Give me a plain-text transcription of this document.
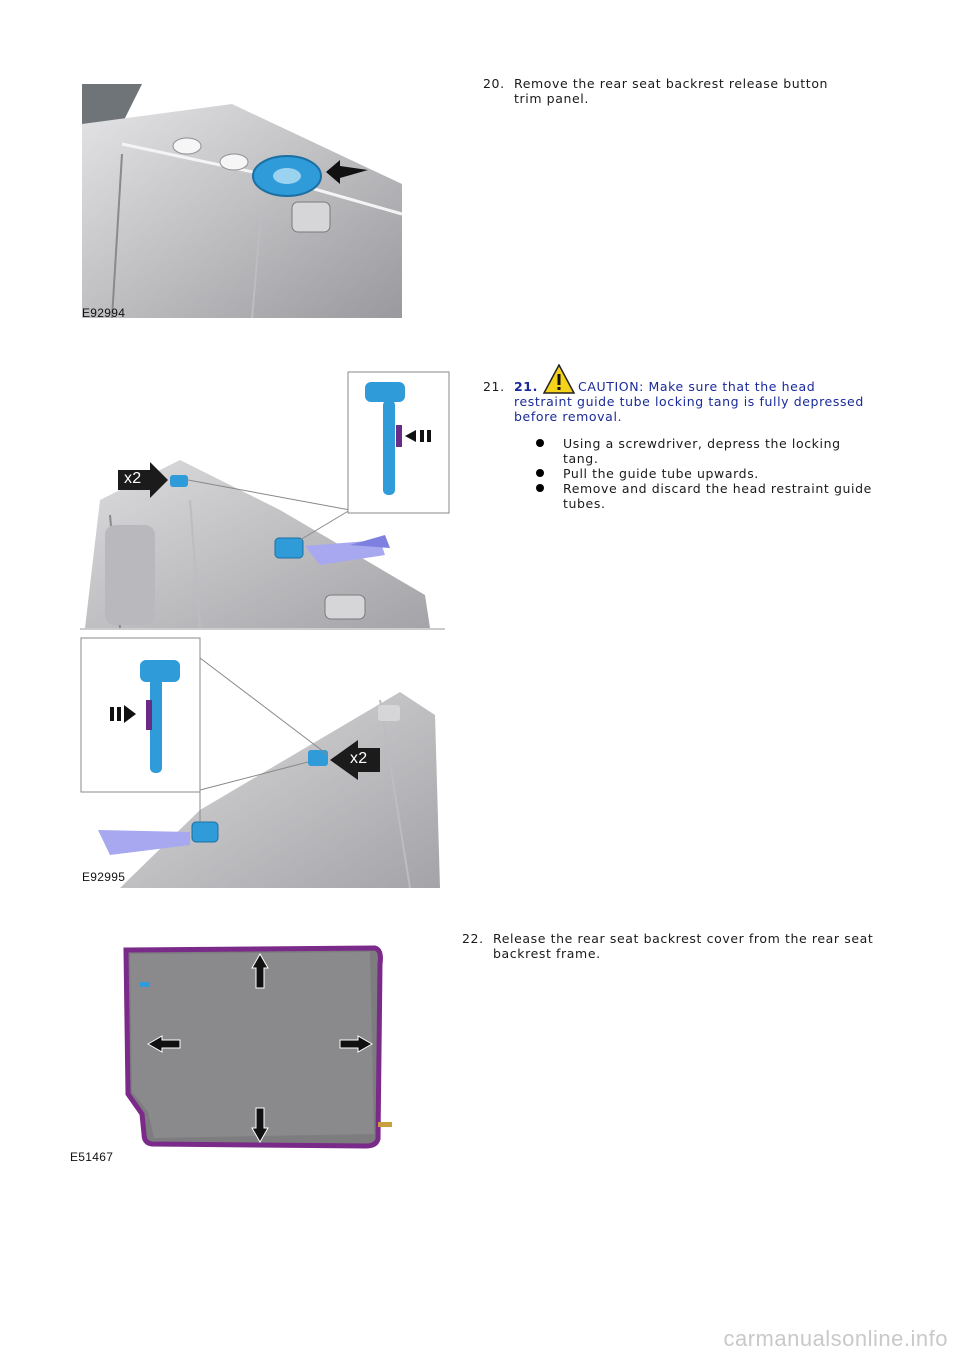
E92994
20. Remove the rear seat backrest release button trim panel.
x2
x2
E92995
21. 21.	CAUTION: Make sure that the head restraint guide tube locking tang is fully depressed before removal.
Using a screwdriver, depress the locking tang.
Pull the guide tube upwards.
Remove and discard the head restraint guide tubes.
E51467
22. Release the rear seat backrest cover from the rear seat backrest frame.
carmanualsonline.info
